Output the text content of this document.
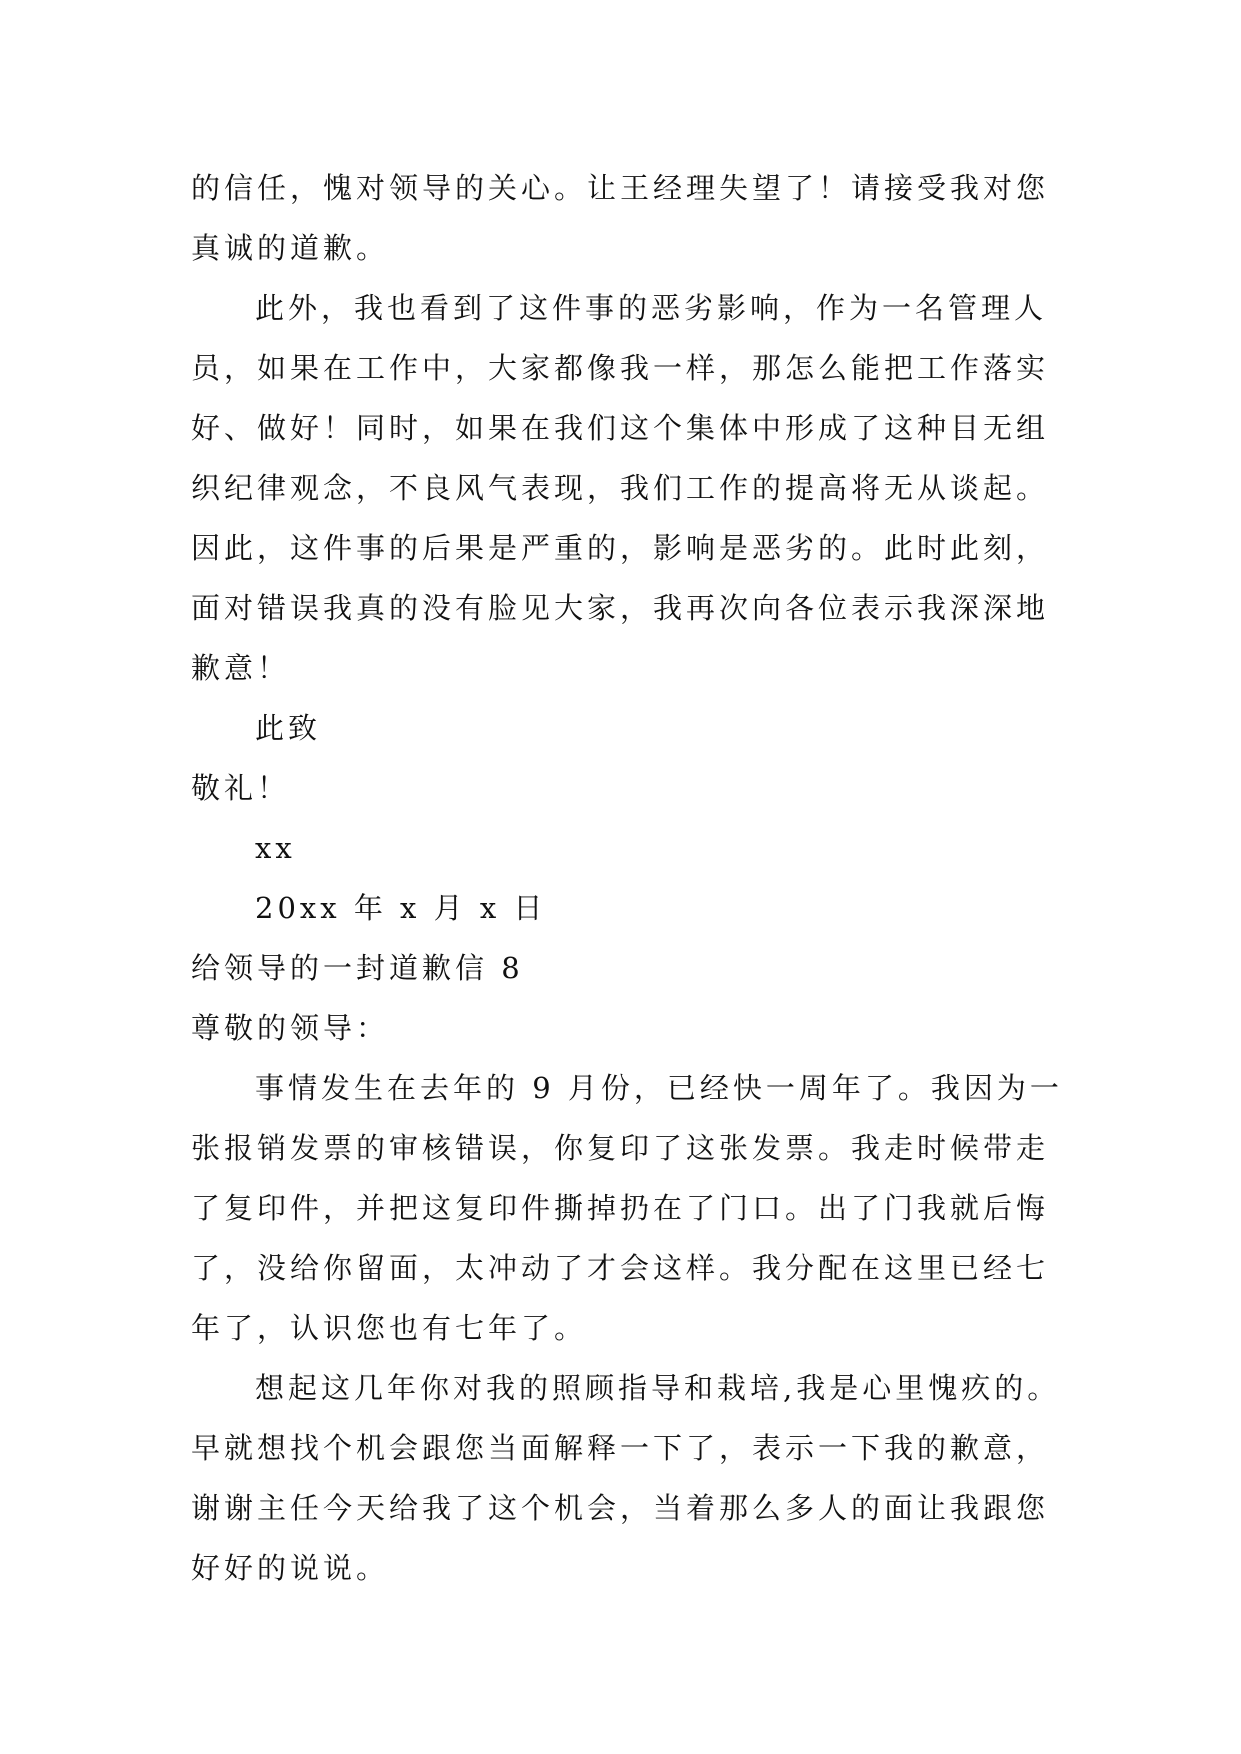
的信任，愧对领导的关心。让王经理失望了！请接受我对您
真诚的道歉。
此外，我也看到了这件事的恶劣影响，作为一名管理人
员，如果在工作中，大家都像我一样，那怎么能把工作落实
好、做好！同时，如果在我们这个集体中形成了这种目无组
织纪律观念，不良风气表现，我们工作的提高将无从谈起。
因此，这件事的后果是严重的，影响是恶劣的。此时此刻，
面对错误我真的没有脸见大家，我再次向各位表示我深深地
歉意！
此致
敬礼！
xx
20xx 年 x 月 x 日
给领导的一封道歉信 8
尊敬的领导：
事情发生在去年的 9 月份，已经快一周年了。我因为一
张报销发票的审核错误，你复印了这张发票。我走时候带走
了复印件，并把这复印件撕掉扔在了门口。出了门我就后悔
了，没给你留面，太冲动了才会这样。我分配在这里已经七
年了，认识您也有七年了。
想起这几年你对我的照顾指导和栽培,我是心里愧疚的。
早就想找个机会跟您当面解释一下了，表示一下我的歉意，
谢谢主任今天给我了这个机会，当着那么多人的面让我跟您
好好的说说。
